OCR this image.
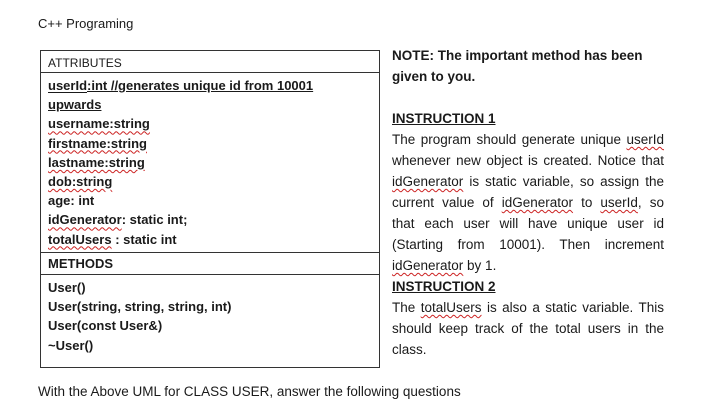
C++ Programing
ATTRIBUTES
userId:int //generates unique id from 10001
upwards
username:string
firstname:string
lastname:string
dob:string
age: int
idGenerator: static int;
totalUsers : static int
METHODS
User()
User(string, string, string, int)
User(const User&)
~User()

NOTE: The important method has been given to you.

INSTRUCTION 1

The program should generate unique userId whenever new object is created. Notice that idGenerator is static variable, so assign the current value of idGenerator to userId, so that each user will have unique user id (Starting from 10001). Then increment idGenerator by 1.

INSTRUCTION 2

The totalUsers is also a static variable. This should keep track of the total users in the class.

With the Above UML for CLASS USER, answer the following questions
